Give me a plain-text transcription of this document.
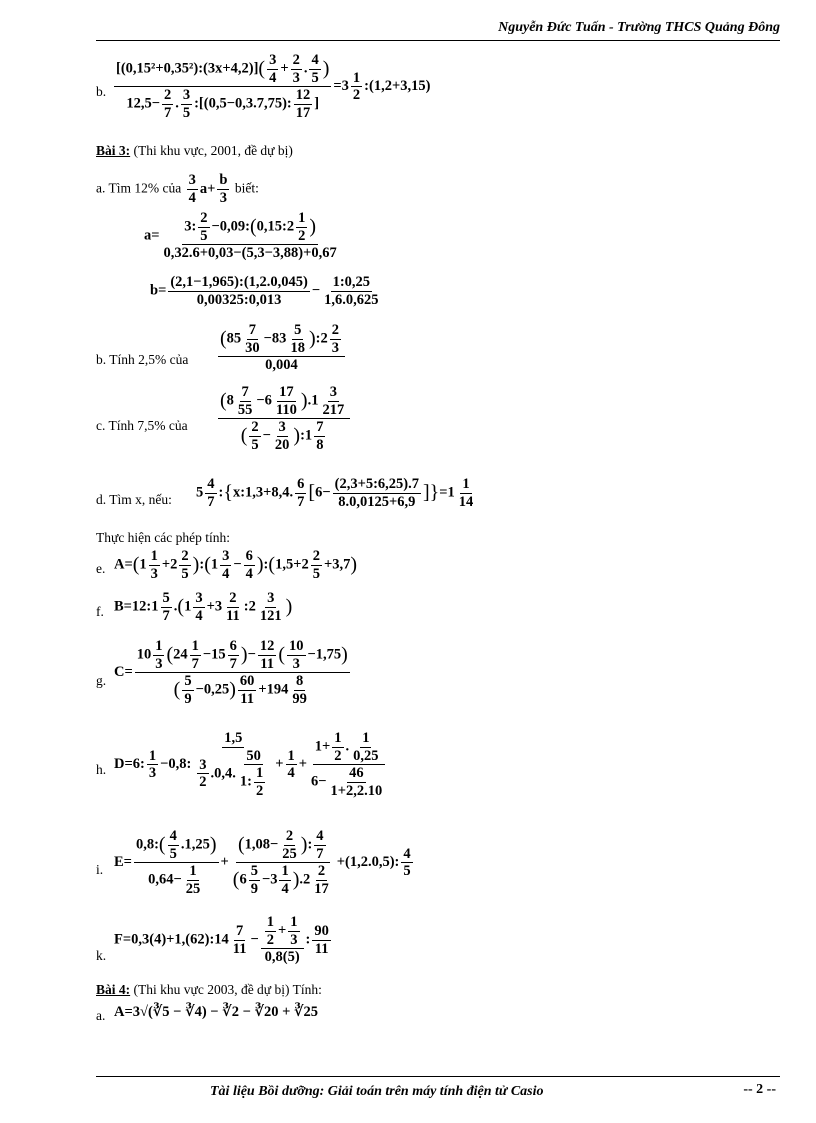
Nguyễn Đức Tuấn - Trường THCS Quảng Đông
b. $\frac{[(0,15^2+0,35^2):(3x+4,2)]( \frac{3}{4} + \frac{2}{3} . \frac{4}{5} )}{12,5- \frac{2}{7} . \frac{3}{5} :[(0,5-0,3.7,75): \frac{12}{17} ]} =3 \frac{1}{2}$ :(1,2+3,15)
Bài 3: (Thi khu vực, 2001, đề dự bị)
a. Tìm 12% của $\frac{3}{4} a+ \frac{b}{3}$ biết:
$a= \frac{3: \frac{2}{5} -0,09:(0,15:2 \frac{1}{2} )}{0,32.6+0,03-(5,3-3,88)+0,67}$
$b= \frac{(2,1-1,965):(1,2.0,045)}{0,00325:0,013} - \frac{1:0,25}{1,6.0,625}$
b. Tính 2,5% của $\frac{(85 \frac{7}{30} -83 \frac{5}{18} ):2 \frac{2}{3}}{0,004}$
c. Tính 7,5% của $\frac{(8 \frac{7}{55} -6 \frac{17}{110} ).1 \frac{3}{217}}{( \frac{2}{5} - \frac{3}{20} ):1 \frac{7}{8}}$
d. Tìm x, nếu: $5 \frac{4}{7}$ :{x:1,3+8,4. $\frac{6}{7} [6- \frac{(2,3+5:6,25).7}{8.0,0125+6,9} ]\}=1 \frac{1}{14}$
Thực hiện các phép tính:
e. $A=(1 \frac{1}{3} +2 \frac{2}{5}$ ):(1 $\frac{3}{4} - \frac{6}{4}$ ):(1,5+2 $\frac{2}{5} +3,7$)
f. B=12:1 $\frac{5}{7} .(1 \frac{3}{4} +3 \frac{2}{11}$ :2 $\frac{3}{121}$ )
g.
$C= \frac{10 \frac{1}{3} (24 \frac{1}{7} -15 \frac{6}{7} )- \frac{12}{11} ( \frac{10}{3} -1,75)}{( \frac{5}{9} -0,25) \frac{60}{11} +194 \frac{8}{99}}$
h. D=6: $\frac{1}{3} -0,8$: $\frac{1,5}{\frac{3}{2} .0,4. \frac{50}{1: \frac{1}{2}}} + \frac{1}{4} + \frac{1+ \frac{1}{2} . \frac{1}{0,25}}{6- \frac{46}{1+2,2.10}}$
i. $E= \frac{0,8:( \frac{4}{5} .1,25)}{0,64- \frac{1}{25}} + \frac{(1,08- \frac{2}{25} ): \frac{4}{7}}{(6 \frac{5}{9} -3 \frac{1}{4} ).2 \frac{2}{17}} +(1,2.0,5)$: $\frac{4}{5}$
k.
F=0,3(4)+1,(62):14 $\frac{7}{11} - \frac{\frac{1}{2} + \frac{1}{3}}{0,8(5)}$ : $\frac{90}{11}$
Bài 4: (Thi khu vực 2003, đề dự bị) Tính:
a. A=3√(∛5 − ∛4) − ∛2 − ∛20 + ∛25
Tài liệu Bồi dưỡng: Giải toán trên máy tính điện tử Casio	-- 2 --
